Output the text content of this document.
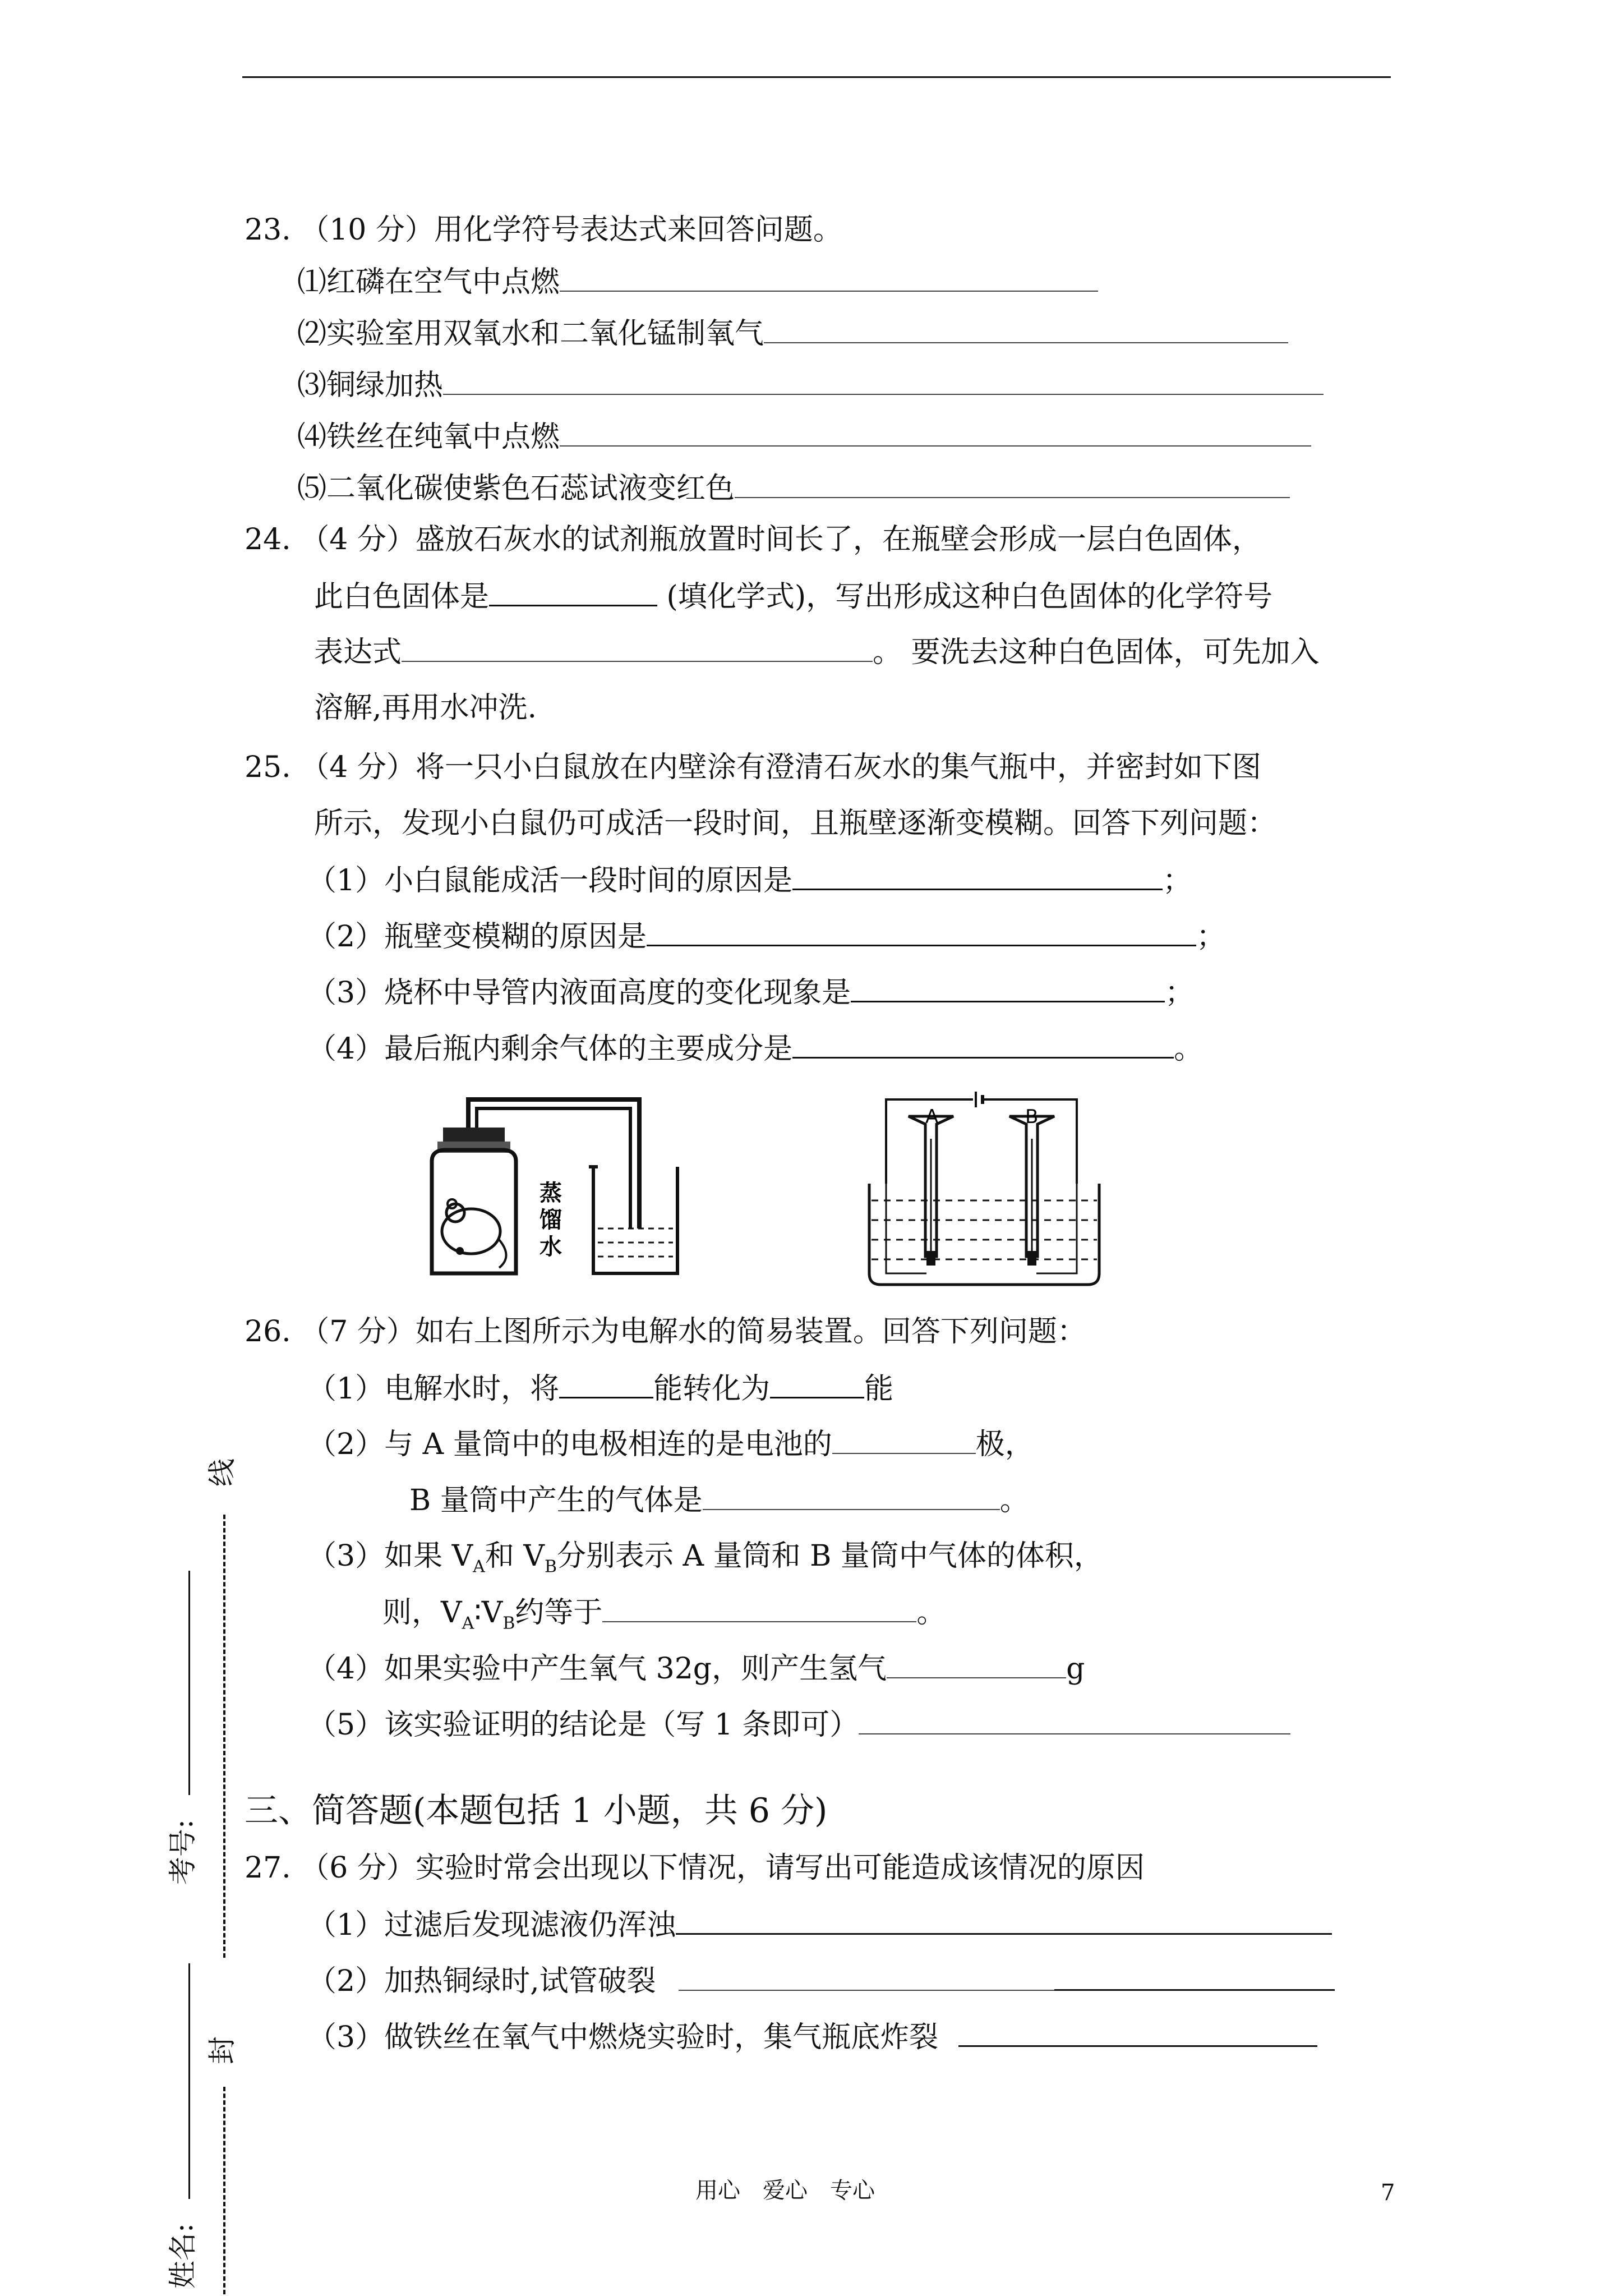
23. （10 分）用化学符号表达式来回答问题。
⑴红磷在空气中点燃
⑵实验室用双氧水和二氧化锰制氧气
⑶铜绿加热
⑷铁丝在纯氧中点燃
⑸二氧化碳使紫色石蕊试液变红色
24. （4 分）盛放石灰水的试剂瓶放置时间长了，在瓶壁会形成一层白色固体，
此白色固体是	(填化学式)，写出形成这种白色固体的化学符号
表达式	。 要洗去这种白色固体，可先加入
溶解,再用水冲洗.
25. （4 分）将一只小白鼠放在内壁涂有澄清石灰水的集气瓶中，并密封如下图
所示，发现小白鼠仍可成活一段时间，且瓶壁逐渐变模糊。回答下列问题：
（1）小白鼠能成活一段时间的原因是	；
（2）瓶壁变模糊的原因是	；
（3）烧杯中导管内液面高度的变化现象是	；
（4）最后瓶内剩余气体的主要成分是	。
蒸
馏
水
A	B
26. （7 分）如右上图所示为电解水的简易装置。回答下列问题：
（1）电解水时，将	能转化为	能
（2）与 A 量筒中的电极相连的是电池的	极，
B 量筒中产生的气体是	。
（3）如果 $V_A$和 $V_B$分别表示 A 量筒和 B 量筒中气体的体积，
则，$V_A∶V_B$约等于	。
（4）如果实验中产生氧气 32g，则产生氢气	g
（5）该实验证明的结论是（写 1 条即可）
三、简答题(本题包括 1 小题，共 6 分)
27. （6 分）实验时常会出现以下情况，请写出可能造成该情况的原因
（1）过滤后发现滤液仍浑浊
（2）加热铜绿时,试管破裂
（3）做铁丝在氧气中燃烧实验时，集气瓶底炸裂
线
考号:
封
姓名:
用心　爱心　专心	7
